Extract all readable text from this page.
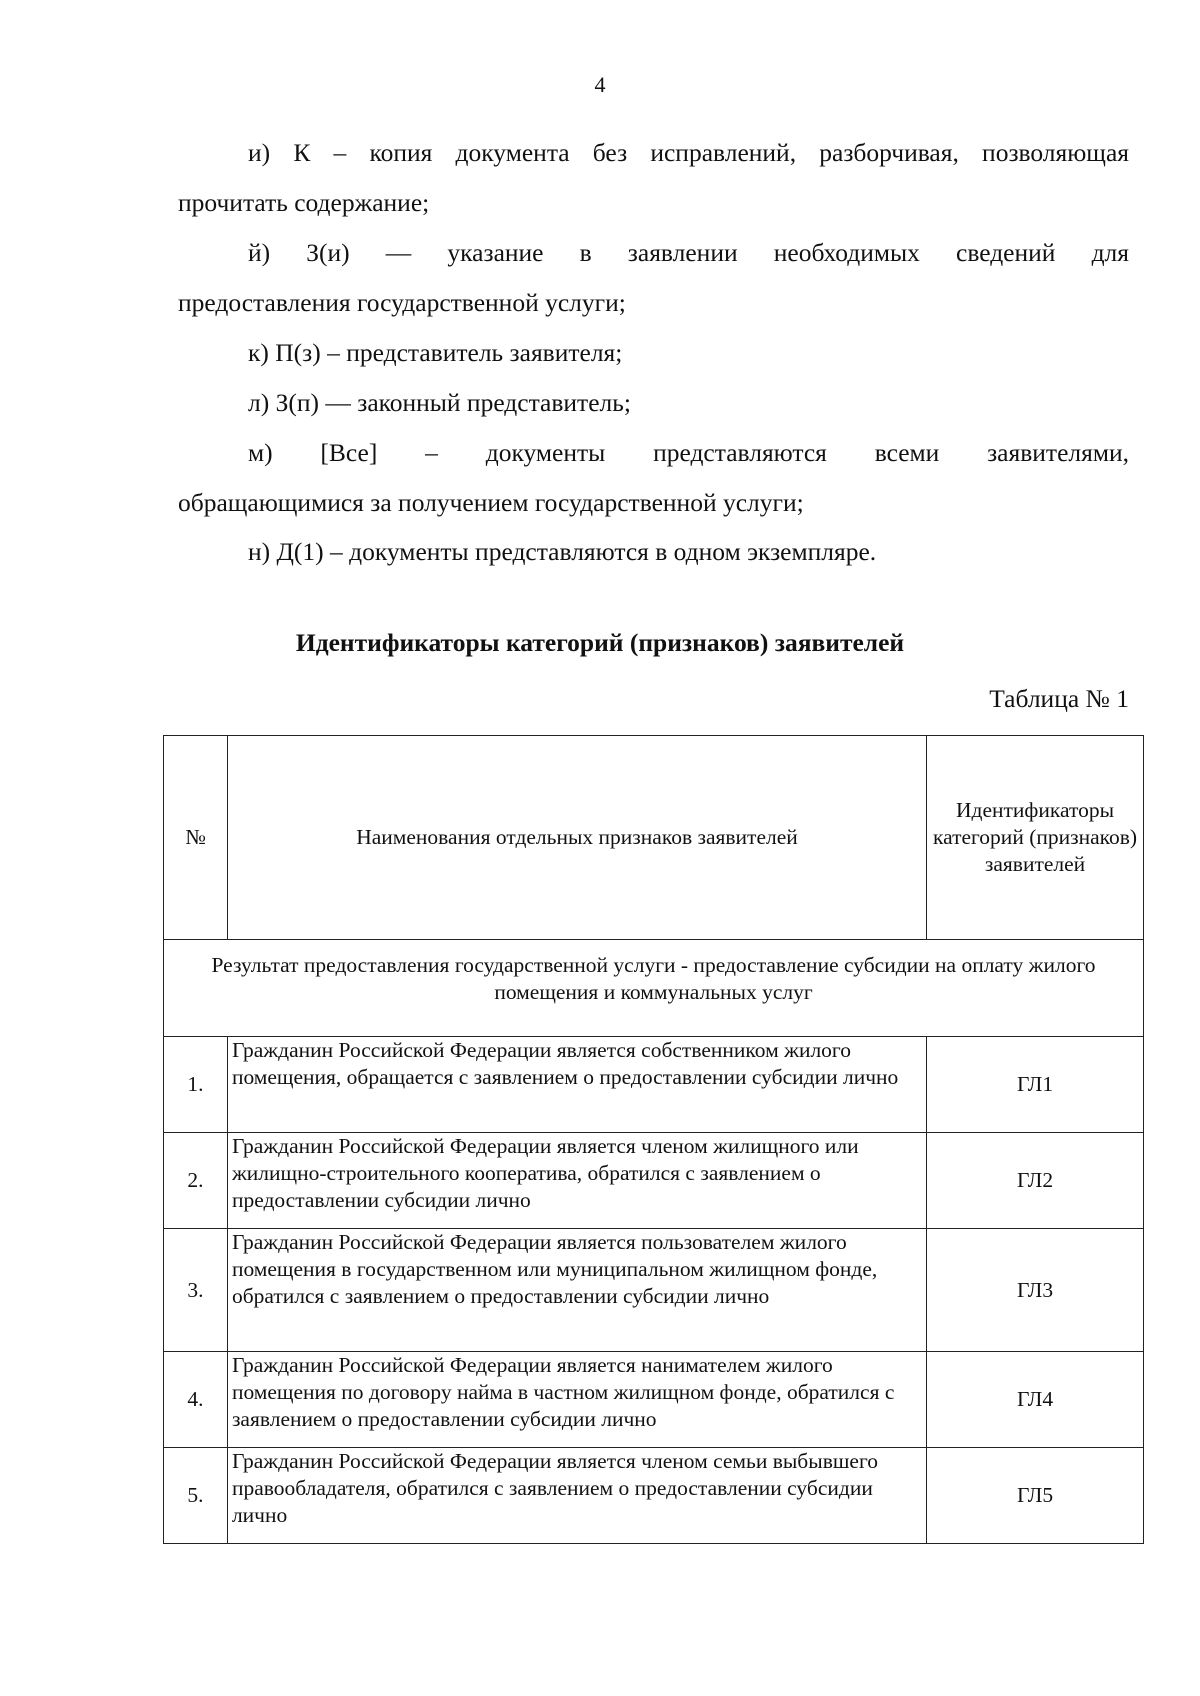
4

и) К – копия документа без исправлений, разборчивая, позволяющая
прочитать содержание;

й) З(и) — указание в заявлении необходимых сведений для
предоставления государственной услуги;

к) П(з) – представитель заявителя;

л) З(п) — законный представитель;

м) [Все] – документы представляются всеми заявителями,
обращающимися за получением государственной услуги;

н) Д(1) – документы представляются в одном экземпляре.

Идентификаторы категорий (признаков) заявителей
Таблица № 1
№	Наименования отдельных признаков заявителей	Идентификаторы категорий (признаков) заявителей
Результат предоставления государственной услуги - предоставление субсидии на оплату жилого помещения и коммунальных услуг		
1.	Гражданин Российской Федерации является собственником жилого помещения, обращается с заявлением о предоставлении субсидии лично	ГЛ1
2.	Гражданин Российской Федерации является членом жилищного или жилищно-строительного кооператива, обратился с заявлением о предоставлении субсидии лично	ГЛ2
3.	Гражданин Российской Федерации является пользователем жилого помещения в государственном или муниципальном жилищном фонде, обратился с заявлением о предоставлении субсидии лично	ГЛ3
4.	Гражданин Российской Федерации является нанимателем жилого помещения по договору найма в частном жилищном фонде, обратился с заявлением о предоставлении субсидии лично	ГЛ4
5.	Гражданин Российской Федерации является членом семьи выбывшего правообладателя, обратился с заявлением о предоставлении субсидии лично	ГЛ5
